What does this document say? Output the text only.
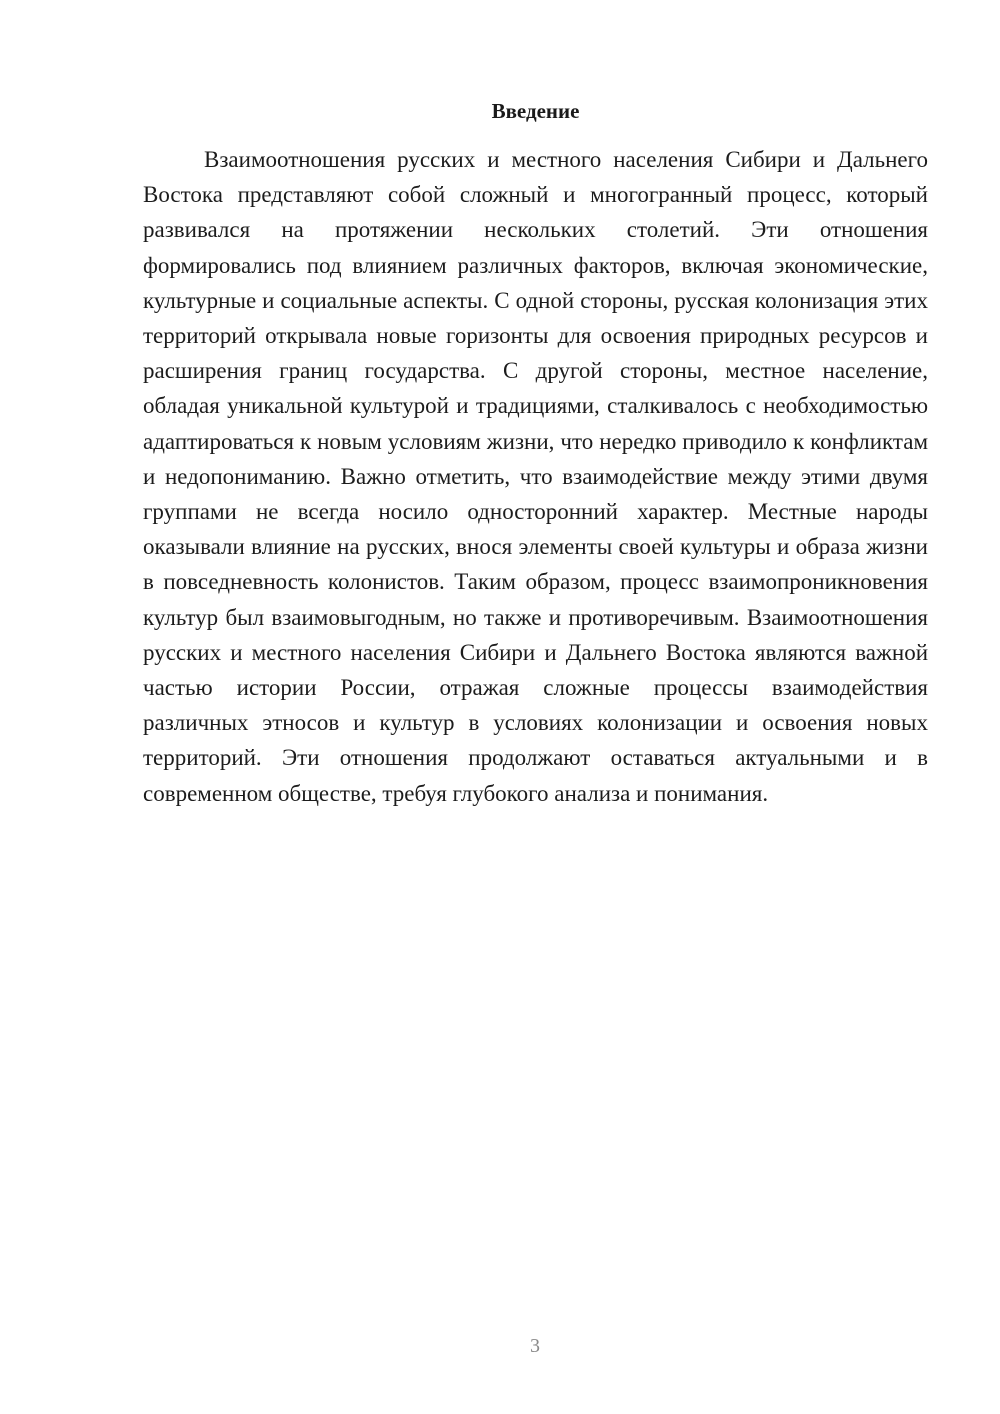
Введение

Взаимоотношения русских и местного населения Сибири и Дальнего Востока представляют собой сложный и многогранный процесс, который развивался на протяжении нескольких столетий. Эти отношения формировались под влиянием различных факторов, включая экономические, культурные и социальные аспекты. С одной стороны, русская колонизация этих территорий открывала новые горизонты для освоения природных ресурсов и расширения границ государства. С другой стороны, местное население, обладая уникальной культурой и традициями, сталкивалось с необходимостью адаптироваться к новым условиям жизни, что нередко приводило к конфликтам и недопониманию. Важно отметить, что взаимодействие между этими двумя группами не всегда носило односторонний характер. Местные народы оказывали влияние на русских, внося элементы своей культуры и образа жизни в повседневность колонистов. Таким образом, процесс взаимопроникновения культур был взаимовыгодным, но также и противоречивым. Взаимоотношения русских и местного населения Сибири и Дальнего Востока являются важной частью истории России, отражая сложные процессы взаимодействия различных этносов и культур в условиях колонизации и освоения новых территорий. Эти отношения продолжают оставаться актуальными и в современном обществе, требуя глубокого анализа и понимания.

3
